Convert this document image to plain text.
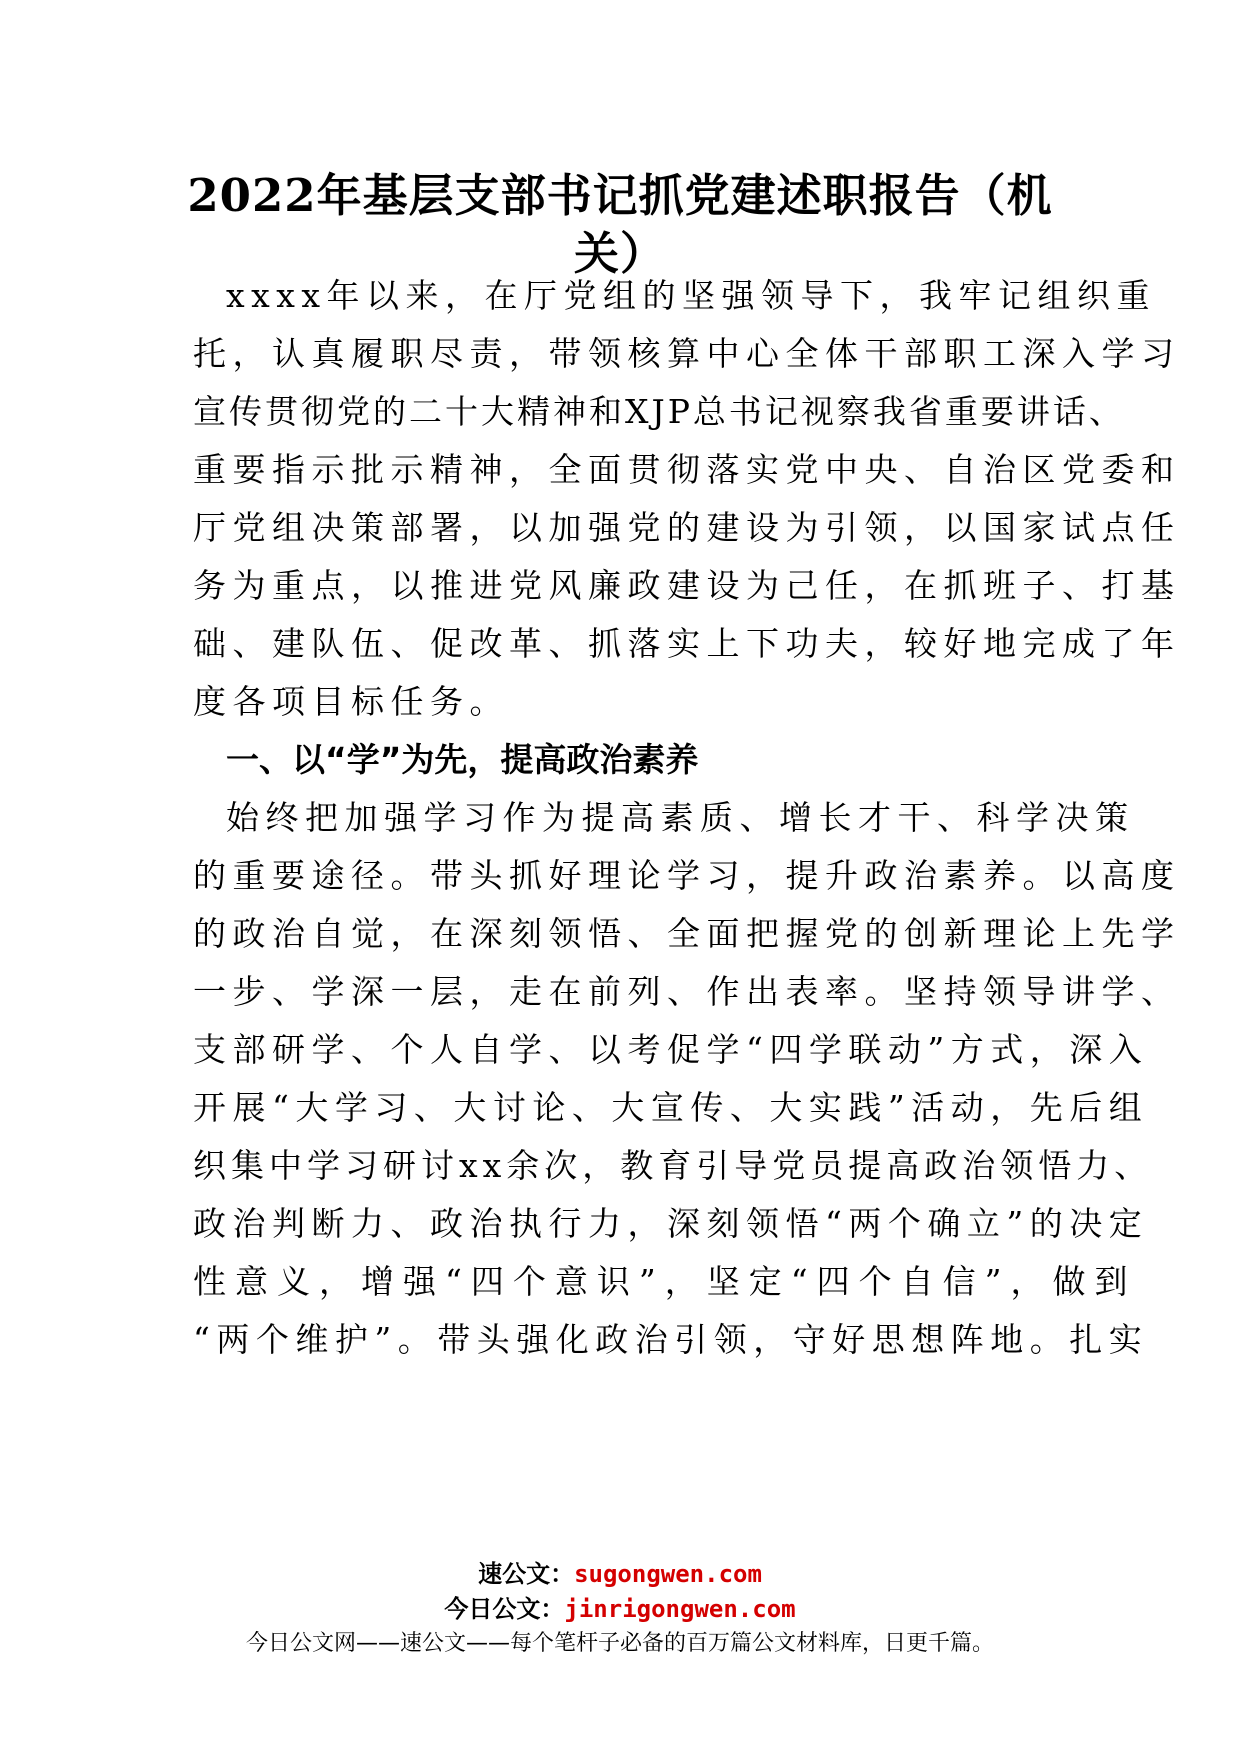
2022年基层支部书记抓党建述职报告（机
关）
xxxx年以来，在厅党组的坚强领导下，我牢记组织重
托，认真履职尽责，带领核算中心全体干部职工深入学习
宣传贯彻党的二十大精神和XJP总书记视察我省重要讲话、
重要指示批示精神，全面贯彻落实党中央、自治区党委和
厅党组决策部署，以加强党的建设为引领，以国家试点任
务为重点，以推进党风廉政建设为己任，在抓班子、打基
础、建队伍、促改革、抓落实上下功夫，较好地完成了年
度各项目标任务。
一、以“学”为先，提高政治素养
始终把加强学习作为提高素质、增长才干、科学决策
的重要途径。带头抓好理论学习，提升政治素养。以高度
的政治自觉，在深刻领悟、全面把握党的创新理论上先学
一步、学深一层，走在前列、作出表率。坚持领导讲学、
支部研学、个人自学、以考促学“四学联动”方式，深入
开展“大学习、大讨论、大宣传、大实践”活动，先后组
织集中学习研讨xx余次，教育引导党员提高政治领悟力、
政治判断力、政治执行力，深刻领悟“两个确立”的决定
性意义，增强“四个意识”，坚定“四个自信”，做到
“两个维护”。带头强化政治引领，守好思想阵地。扎实
速公文：sugongwen.com
今日公文：jinrigongwen.com
今日公文网——速公文——每个笔杆子必备的百万篇公文材料库，日更千篇。
